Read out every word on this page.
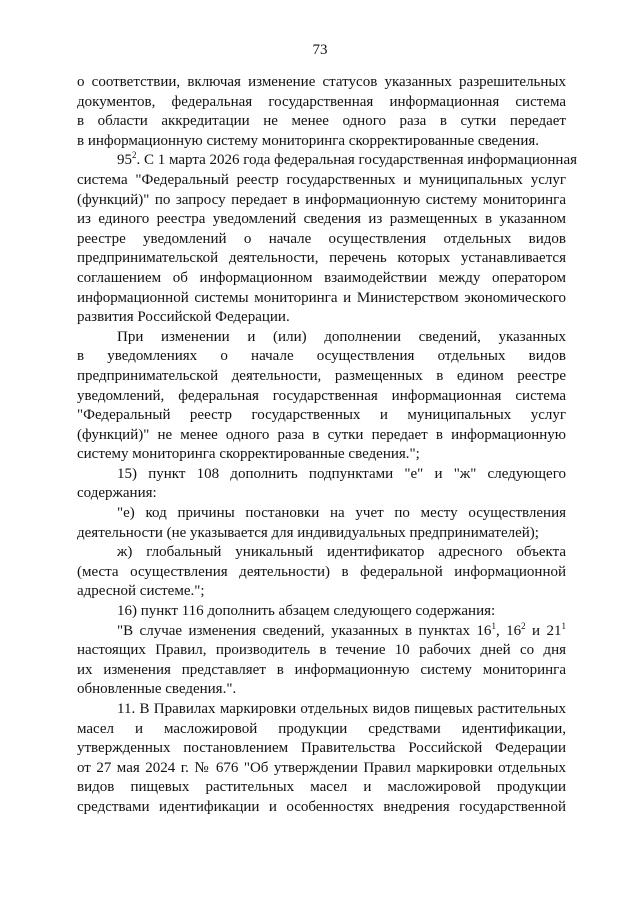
73
о соответствии, включая изменение статусов указанных разрешительных
документов, федеральная государственная информационная система
в области аккредитации не менее одного раза в сутки передает
в информационную систему мониторинга скорректированные сведения.
$95^2$. С 1 марта 2026 года федеральная государственная информационная
система "Федеральный реестр государственных и муниципальных услуг
(функций)" по запросу передает в информационную систему мониторинга
из единого реестра уведомлений сведения из размещенных в указанном
реестре уведомлений о начале осуществления отдельных видов
предпринимательской деятельности, перечень которых устанавливается
соглашением об информационном взаимодействии между оператором
информационной системы мониторинга и Министерством экономического
развития Российской Федерации.
При изменении и (или) дополнении сведений, указанных
в уведомлениях о начале осуществления отдельных видов
предпринимательской деятельности, размещенных в едином реестре
уведомлений, федеральная государственная информационная система
"Федеральный реестр государственных и муниципальных услуг
(функций)" не менее одного раза в сутки передает в информационную
систему мониторинга скорректированные сведения.";
15) пункт 108 дополнить подпунктами "е" и "ж" следующего
содержания:
"е) код причины постановки на учет по месту осуществления
деятельности (не указывается для индивидуальных предпринимателей);
ж) глобальный уникальный идентификатор адресного объекта
(места осуществления деятельности) в федеральной информационной
адресной системе.";
16) пункт 116 дополнить абзацем следующего содержания:
"В случае изменения сведений, указанных в пунктах $16^1$, $16^2$ и $21^1$
настоящих Правил, производитель в течение 10 рабочих дней со дня
их изменения представляет в информационную систему мониторинга
обновленные сведения.".
11. В Правилах маркировки отдельных видов пищевых растительных
масел и масложировой продукции средствами идентификации,
утвержденных постановлением Правительства Российской Федерации
от 27 мая 2024 г. № 676 "Об утверждении Правил маркировки отдельных
видов пищевых растительных масел и масложировой продукции
средствами идентификации и особенностях внедрения государственной
